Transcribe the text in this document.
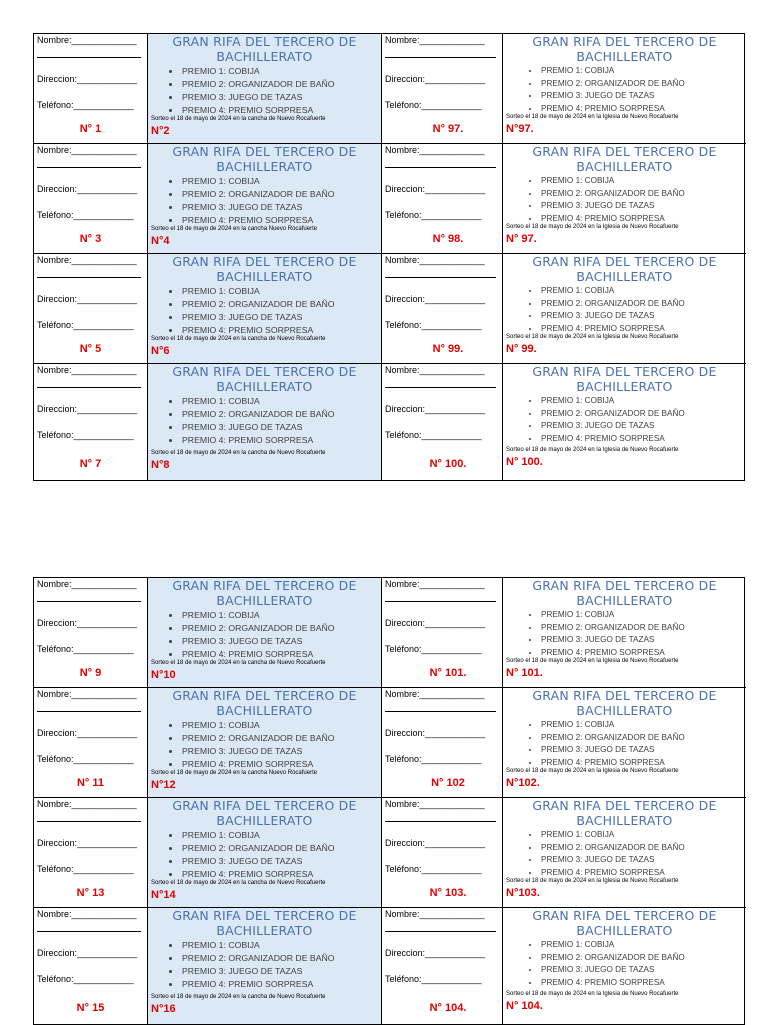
Nombre:_____________
Direccion:____________
Teléfono:____________
N° 1
GRAN RIFA DEL TERCERO DE BACHILLERATO
• PREMIO 1: COBIJA
• PREMIO 2: ORGANIZADOR DE BAÑO
• PREMIO 3: JUEGO DE TAZAS
• PREMIO 4: PREMIO SORPRESA
Sorteo el 18 de mayo de 2024 en la cancha de Nuevo Rocafuerte
N°2
Nombre:_____________
Direccion:____________
Teléfono:____________
N° 97.
GRAN RIFA DEL TERCERO DE BACHILLERATO
• PREMIO 1: COBIJA
• PREMIO 2: ORGANIZADOR DE BAÑO
• PREMIO 3: JUEGO DE TAZAS
• PREMIO 4: PREMIO SORPRESA
Sorteo el 18 de mayo de 2024 en la Iglesia de Nuevo Rocafuerte
N°97.
Nombre:_____________
Direccion:____________
Teléfono:____________
N° 3
GRAN RIFA DEL TERCERO DE BACHILLERATO
• PREMIO 1: COBIJA
• PREMIO 2: ORGANIZADOR DE BAÑO
• PREMIO 3: JUEGO DE TAZAS
• PREMIO 4: PREMIO SORPRESA
Sorteo el 18 de mayo de 2024 en la cancha Nuevo Rocafuerte
N°4
Nombre:_____________
Direccion:____________
Teléfono:____________
N° 98.
GRAN RIFA DEL TERCERO DE BACHILLERATO
• PREMIO 1: COBIJA
• PREMIO 2: ORGANIZADOR DE BAÑO
• PREMIO 3: JUEGO DE TAZAS
• PREMIO 4: PREMIO SORPRESA
Sorteo el 18 de mayo de 2024 en la Iglesia de Nuevo Rocafuerte
N° 97.
Nombre:_____________
Direccion:____________
Teléfono:____________
N° 5
GRAN RIFA DEL TERCERO DE BACHILLERATO
• PREMIO 1: COBIJA
• PREMIO 2: ORGANIZADOR DE BAÑO
• PREMIO 3: JUEGO DE TAZAS
• PREMIO 4: PREMIO SORPRESA
Sorteo el 18 de mayo de 2024 en la cancha de Nuevo Rocafuerte
N°6
Nombre:_____________
Direccion:____________
Teléfono:____________
N° 99.
GRAN RIFA DEL TERCERO DE BACHILLERATO
• PREMIO 1: COBIJA
• PREMIO 2: ORGANIZADOR DE BAÑO
• PREMIO 3: JUEGO DE TAZAS
• PREMIO 4: PREMIO SORPRESA
Sorteo el 18 de mayo de 2024 en la Iglesia de Nuevo Rocafuerte
N° 99.
Nombre:_____________
Direccion:____________
Teléfono:____________
N° 7
GRAN RIFA DEL TERCERO DE BACHILLERATO
• PREMIO 1: COBIJA
• PREMIO 2: ORGANIZADOR DE BAÑO
• PREMIO 3: JUEGO DE TAZAS
• PREMIO 4: PREMIO SORPRESA
Sorteo el 18 de mayo de 2024 en la cancha de Nuevo Rocafuerte
N°8
Nombre:_____________
Direccion:____________
Teléfono:____________
N° 100.
GRAN RIFA DEL TERCERO DE BACHILLERATO
• PREMIO 1: COBIJA
• PREMIO 2: ORGANIZADOR DE BAÑO
• PREMIO 3: JUEGO DE TAZAS
• PREMIO 4: PREMIO SORPRESA
Sorteo el 18 de mayo de 2024 en la Iglesia de Nuevo Rocafuerte
N° 100.
Nombre:_____________
Direccion:____________
Teléfono:____________
N° 9
GRAN RIFA DEL TERCERO DE BACHILLERATO
• PREMIO 1: COBIJA
• PREMIO 2: ORGANIZADOR DE BAÑO
• PREMIO 3: JUEGO DE TAZAS
• PREMIO 4: PREMIO SORPRESA
Sorteo el 18 de mayo de 2024 en la cancha de Nuevo Rocafuerte
N°10
Nombre:_____________
Direccion:____________
Teléfono:____________
N° 101.
GRAN RIFA DEL TERCERO DE BACHILLERATO
• PREMIO 1: COBIJA
• PREMIO 2: ORGANIZADOR DE BAÑO
• PREMIO 3: JUEGO DE TAZAS
• PREMIO 4: PREMIO SORPRESA
Sorteo el 18 de mayo de 2024 en la Iglesia de Nuevo Rocafuerte
N° 101.
Nombre:_____________
Direccion:____________
Teléfono:____________
N° 11
GRAN RIFA DEL TERCERO DE BACHILLERATO
• PREMIO 1: COBIJA
• PREMIO 2: ORGANIZADOR DE BAÑO
• PREMIO 3: JUEGO DE TAZAS
• PREMIO 4: PREMIO SORPRESA
Sorteo el 18 de mayo de 2024 en la cancha Nuevo Rocafuerte
N°12
Nombre:_____________
Direccion:____________
Teléfono:____________
N° 102
GRAN RIFA DEL TERCERO DE BACHILLERATO
• PREMIO 1: COBIJA
• PREMIO 2: ORGANIZADOR DE BAÑO
• PREMIO 3: JUEGO DE TAZAS
• PREMIO 4: PREMIO SORPRESA
Sorteo el 18 de mayo de 2024 en la Iglesia de Nuevo Rocafuerte
N°102.
Nombre:_____________
Direccion:____________
Teléfono:____________
N° 13
GRAN RIFA DEL TERCERO DE BACHILLERATO
• PREMIO 1: COBIJA
• PREMIO 2: ORGANIZADOR DE BAÑO
• PREMIO 3: JUEGO DE TAZAS
• PREMIO 4: PREMIO SORPRESA
Sorteo el 18 de mayo de 2024 en la cancha de Nuevo Rocafuerte
N°14
Nombre:_____________
Direccion:____________
Teléfono:____________
N° 103.
GRAN RIFA DEL TERCERO DE BACHILLERATO
• PREMIO 1: COBIJA
• PREMIO 2: ORGANIZADOR DE BAÑO
• PREMIO 3: JUEGO DE TAZAS
• PREMIO 4: PREMIO SORPRESA
Sorteo el 18 de mayo de 2024 en la Iglesia de Nuevo Rocafuerte
N°103.
Nombre:_____________
Direccion:____________
Teléfono:____________
N° 15
GRAN RIFA DEL TERCERO DE BACHILLERATO
• PREMIO 1: COBIJA
• PREMIO 2: ORGANIZADOR DE BAÑO
• PREMIO 3: JUEGO DE TAZAS
• PREMIO 4: PREMIO SORPRESA
Sorteo el 18 de mayo de 2024 en la cancha de Nuevo Rocafuerte
N°16
Nombre:_____________
Direccion:____________
Teléfono:____________
N° 104.
GRAN RIFA DEL TERCERO DE BACHILLERATO
• PREMIO 1: COBIJA
• PREMIO 2: ORGANIZADOR DE BAÑO
• PREMIO 3: JUEGO DE TAZAS
• PREMIO 4: PREMIO SORPRESA
Sorteo el 18 de mayo de 2024 en la Iglesia de Nuevo Rocafuerte
N° 104.
